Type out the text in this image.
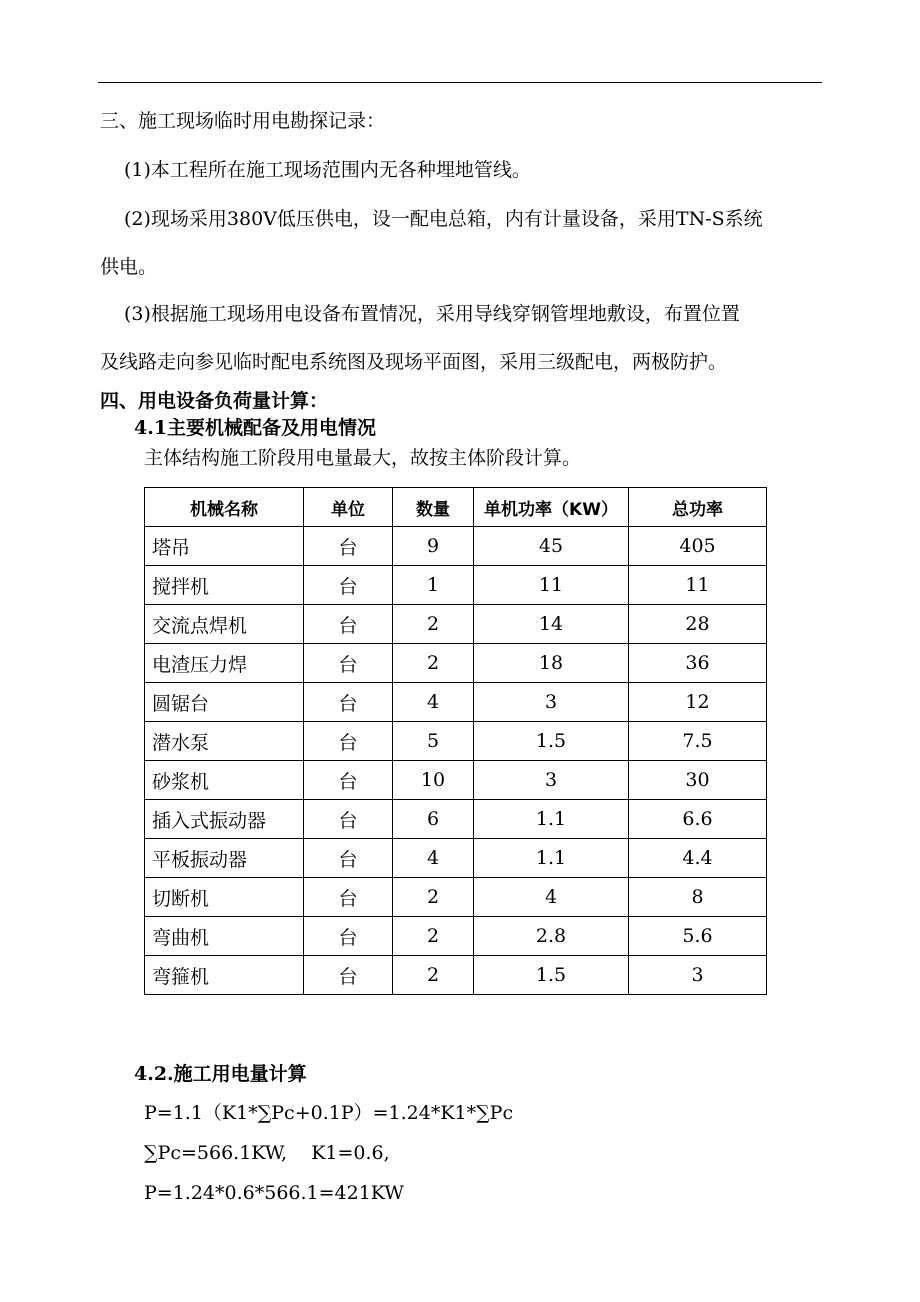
三、施工现场临时用电勘探记录：
(1)本工程所在施工现场范围内无各种埋地管线。
(2)现场采用380V低压供电，设一配电总箱，内有计量设备，采用TN-S系统
供电。
(3)根据施工现场用电设备布置情况，采用导线穿钢管埋地敷设，布置位置
及线路走向参见临时配电系统图及现场平面图，采用三级配电，两极防护。
四、用电设备负荷量计算：
4.1主要机械配备及用电情况
主体结构施工阶段用电量最大，故按主体阶段计算。
机械名称	单位	数量	单机功率（KW）	总功率
塔吊	台	9	45	405
搅拌机	台	1	11	11
交流点焊机	台	2	14	28
电渣压力焊	台	2	18	36
圆锯台	台	4	3	12
潜水泵	台	5	1.5	7.5
砂浆机	台	10	3	30
插入式振动器	台	6	1.1	6.6
平板振动器	台	4	1.1	4.4
切断机	台	2	4	8
弯曲机	台	2	2.8	5.6
弯箍机	台	2	1.5	3
4.2.施工用电量计算
P=1.1（K1*∑Pc+0.1P）=1.24*K1*∑Pc
∑Pc=566.1KW,    K1=0.6,
P=1.24*0.6*566.1=421KW
